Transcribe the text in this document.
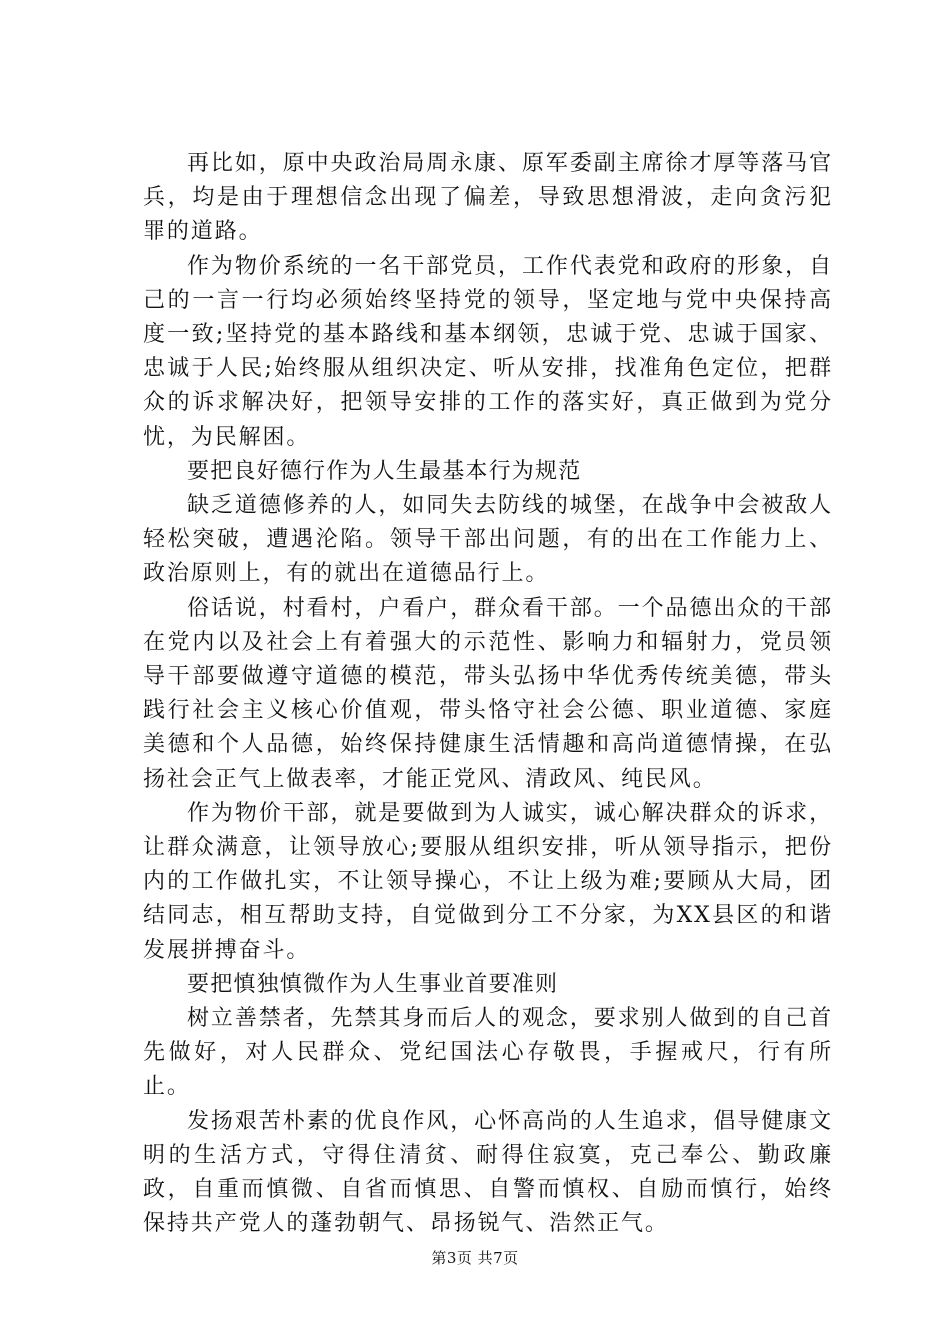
再比如，原中央政治局周永康、原军委副主席徐才厚等落马官兵，均是由于理想信念出现了偏差，导致思想滑波，走向贪污犯罪的道路。

作为物价系统的一名干部党员，工作代表党和政府的形象，自己的一言一行均必须始终坚持党的领导，坚定地与党中央保持高度一致;坚持党的基本路线和基本纲领，忠诚于党、忠诚于国家、忠诚于人民;始终服从组织决定、听从安排，找准角色定位，把群众的诉求解决好，把领导安排的工作的落实好，真正做到为党分忧，为民解困。

要把良好德行作为人生最基本行为规范

缺乏道德修养的人，如同失去防线的城堡，在战争中会被敌人轻松突破，遭遇沦陷。领导干部出问题，有的出在工作能力上、政治原则上，有的就出在道德品行上。

俗话说，村看村，户看户，群众看干部。一个品德出众的干部在党内以及社会上有着强大的示范性、影响力和辐射力，党员领导干部要做遵守道德的模范，带头弘扬中华优秀传统美德，带头践行社会主义核心价值观，带头恪守社会公德、职业道德、家庭美德和个人品德，始终保持健康生活情趣和高尚道德情操，在弘扬社会正气上做表率，才能正党风、清政风、纯民风。

作为物价干部，就是要做到为人诚实，诚心解决群众的诉求，让群众满意，让领导放心;要服从组织安排，听从领导指示，把份内的工作做扎实，不让领导操心，不让上级为难;要顾从大局，团结同志，相互帮助支持，自觉做到分工不分家，为XX县区的和谐发展拼搏奋斗。

要把慎独慎微作为人生事业首要准则

树立善禁者，先禁其身而后人的观念，要求别人做到的自己首先做好，对人民群众、党纪国法心存敬畏，手握戒尺，行有所止。

发扬艰苦朴素的优良作风，心怀高尚的人生追求，倡导健康文明的生活方式，守得住清贫、耐得住寂寞，克己奉公、勤政廉政，自重而慎微、自省而慎思、自警而慎权、自励而慎行，始终保持共产党人的蓬勃朝气、昂扬锐气、浩然正气。

第3页 共7页
